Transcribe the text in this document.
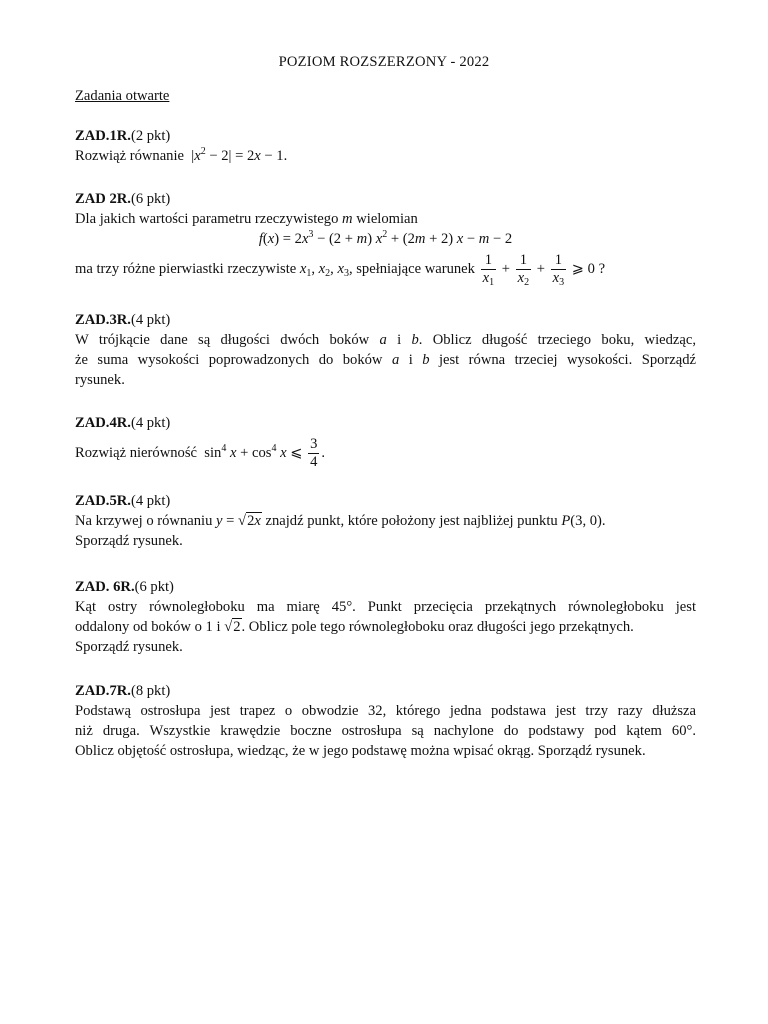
POZIOM ROZSZERZONY - 2022
Zadania otwarte
ZAD.1R.(2 pkt)
Rozwiąż równanie  $|x^2 - 2| = 2x - 1$.
ZAD 2R.(6 pkt)
Dla jakich wartości parametru rzeczywistego m wielomian
$f(x) = 2x^3 - (2 + m) x^2 + (2m + 2) x - m - 2$
ma trzy różne pierwiastki rzeczywiste $x_1$, $x_2$, $x_3$, spełniające warunek $\frac{1}{x_1} + \frac{1}{x_2} + \frac{1}{x_3}$ ⩾ 0 ?
ZAD.3R.(4 pkt)
W trójkącie dane są długości dwóch boków a i b. Oblicz długość trzeciego boku, wiedząc,
że suma wysokości poprowadzonych do boków a i b jest równa trzeciej wysokości. Sporządź
rysunek.
ZAD.4R.(4 pkt)
Rozwiąż nierówność  $\sin^4 x + \cos^4 x$ ⩽ $\frac{3}{4}$ .
ZAD.5R.(4 pkt)
Na krzywej o równaniu y = √2x znajdź punkt, które położony jest najbliżej punktu P(3, 0).
Sporządź rysunek.
ZAD. 6R.(6 pkt)
Kąt ostry równoległoboku ma miarę 45°. Punkt przecięcia przekątnych równoległoboku jest
oddalony od boków o 1 i √2. Oblicz pole tego równoległoboku oraz długości jego przekątnych.
Sporządź rysunek.
ZAD.7R.(8 pkt)
Podstawą ostrosłupa jest trapez o obwodzie 32, którego jedna podstawa jest trzy razy dłuższa
niż druga. Wszystkie krawędzie boczne ostrosłupa są nachylone do podstawy pod kątem 60°.
Oblicz objętość ostrosłupa, wiedząc, że w jego podstawę można wpisać okrąg. Sporządź rysunek.
